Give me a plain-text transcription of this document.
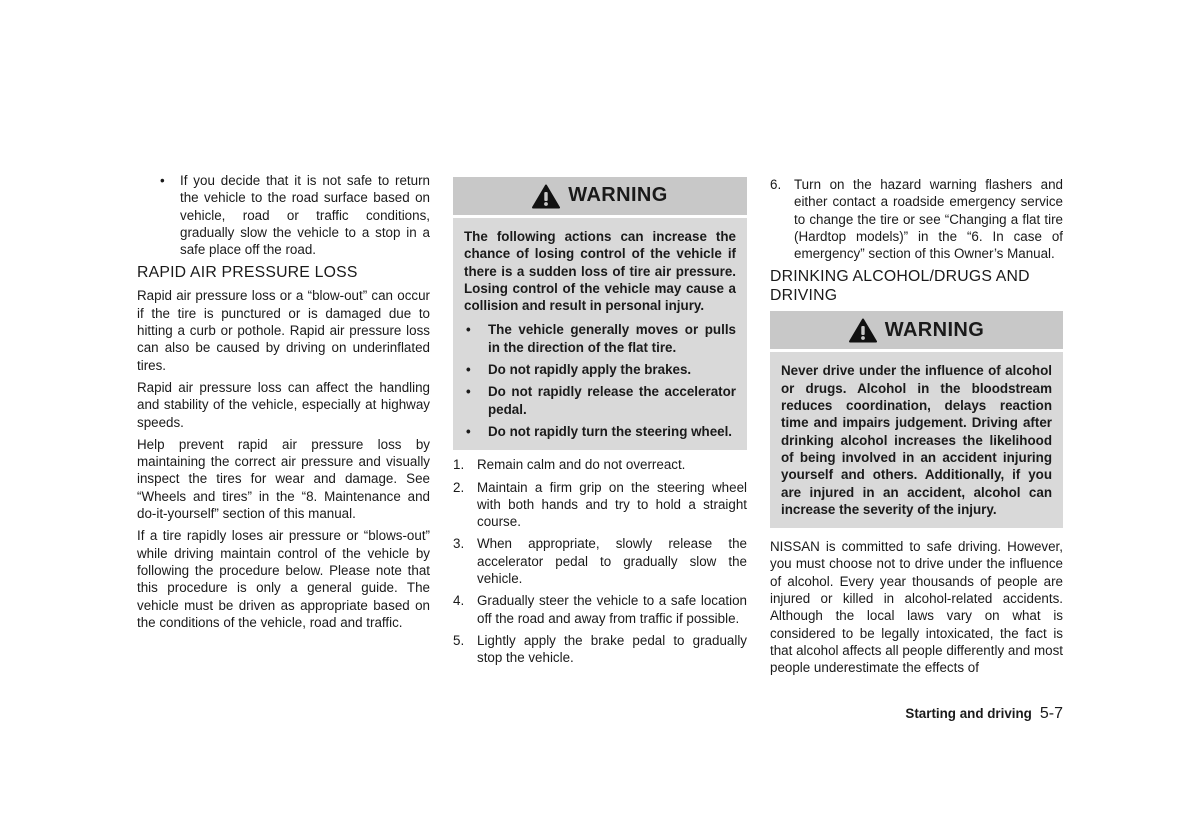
• If you decide that it is not safe to return the vehicle to the road surface based on vehicle, road or traffic conditions, gradually slow the vehicle to a stop in a safe place off the road.
RAPID AIR PRESSURE LOSS

Rapid air pressure loss or a “blow-out” can occur if the tire is punctured or is damaged due to hitting a curb or pothole. Rapid air pressure loss can also be caused by driving on underinflated tires.

Rapid air pressure loss can affect the handling and stability of the vehicle, especially at highway speeds.

Help prevent rapid air pressure loss by maintaining the correct air pressure and visually inspect the tires for wear and damage. See “Wheels and tires” in the “8. Maintenance and do-it-yourself” section of this manual.

If a tire rapidly loses air pressure or “blows-out” while driving maintain control of the vehicle by following the procedure below. Please note that this procedure is only a general guide. The vehicle must be driven as appropriate based on the conditions of the vehicle, road and traffic.

WARNING

The following actions can increase the chance of losing control of the vehicle if there is a sudden loss of tire air pressure. Losing control of the vehicle may cause a collision and result in personal injury.

• The vehicle generally moves or pulls in the direction of the flat tire.
• Do not rapidly apply the brakes.
• Do not rapidly release the accelerator pedal.
• Do not rapidly turn the steering wheel.
1. Remain calm and do not overreact.
2. Maintain a firm grip on the steering wheel with both hands and try to hold a straight course.
3. When appropriate, slowly release the accelerator pedal to gradually slow the vehicle.
4. Gradually steer the vehicle to a safe location off the road and away from traffic if possible.
5. Lightly apply the brake pedal to gradually stop the vehicle.
6. Turn on the hazard warning flashers and either contact a roadside emergency service to change the tire or see “Changing a flat tire (Hardtop models)” in the “6. In case of emergency” section of this Owner’s Manual.
DRINKING ALCOHOL/DRUGS AND DRIVING
WARNING

Never drive under the influence of alcohol or drugs. Alcohol in the bloodstream reduces coordination, delays reaction time and impairs judgement. Driving after drinking alcohol increases the likelihood of being involved in an accident injuring yourself and others. Additionally, if you are injured in an accident, alcohol can increase the severity of the injury.

NISSAN is committed to safe driving. However, you must choose not to drive under the influence of alcohol. Every year thousands of people are injured or killed in alcohol-related accidents. Although the local laws vary on what is considered to be legally intoxicated, the fact is that alcohol affects all people differently and most people underestimate the effects of

Starting and driving 5-7
